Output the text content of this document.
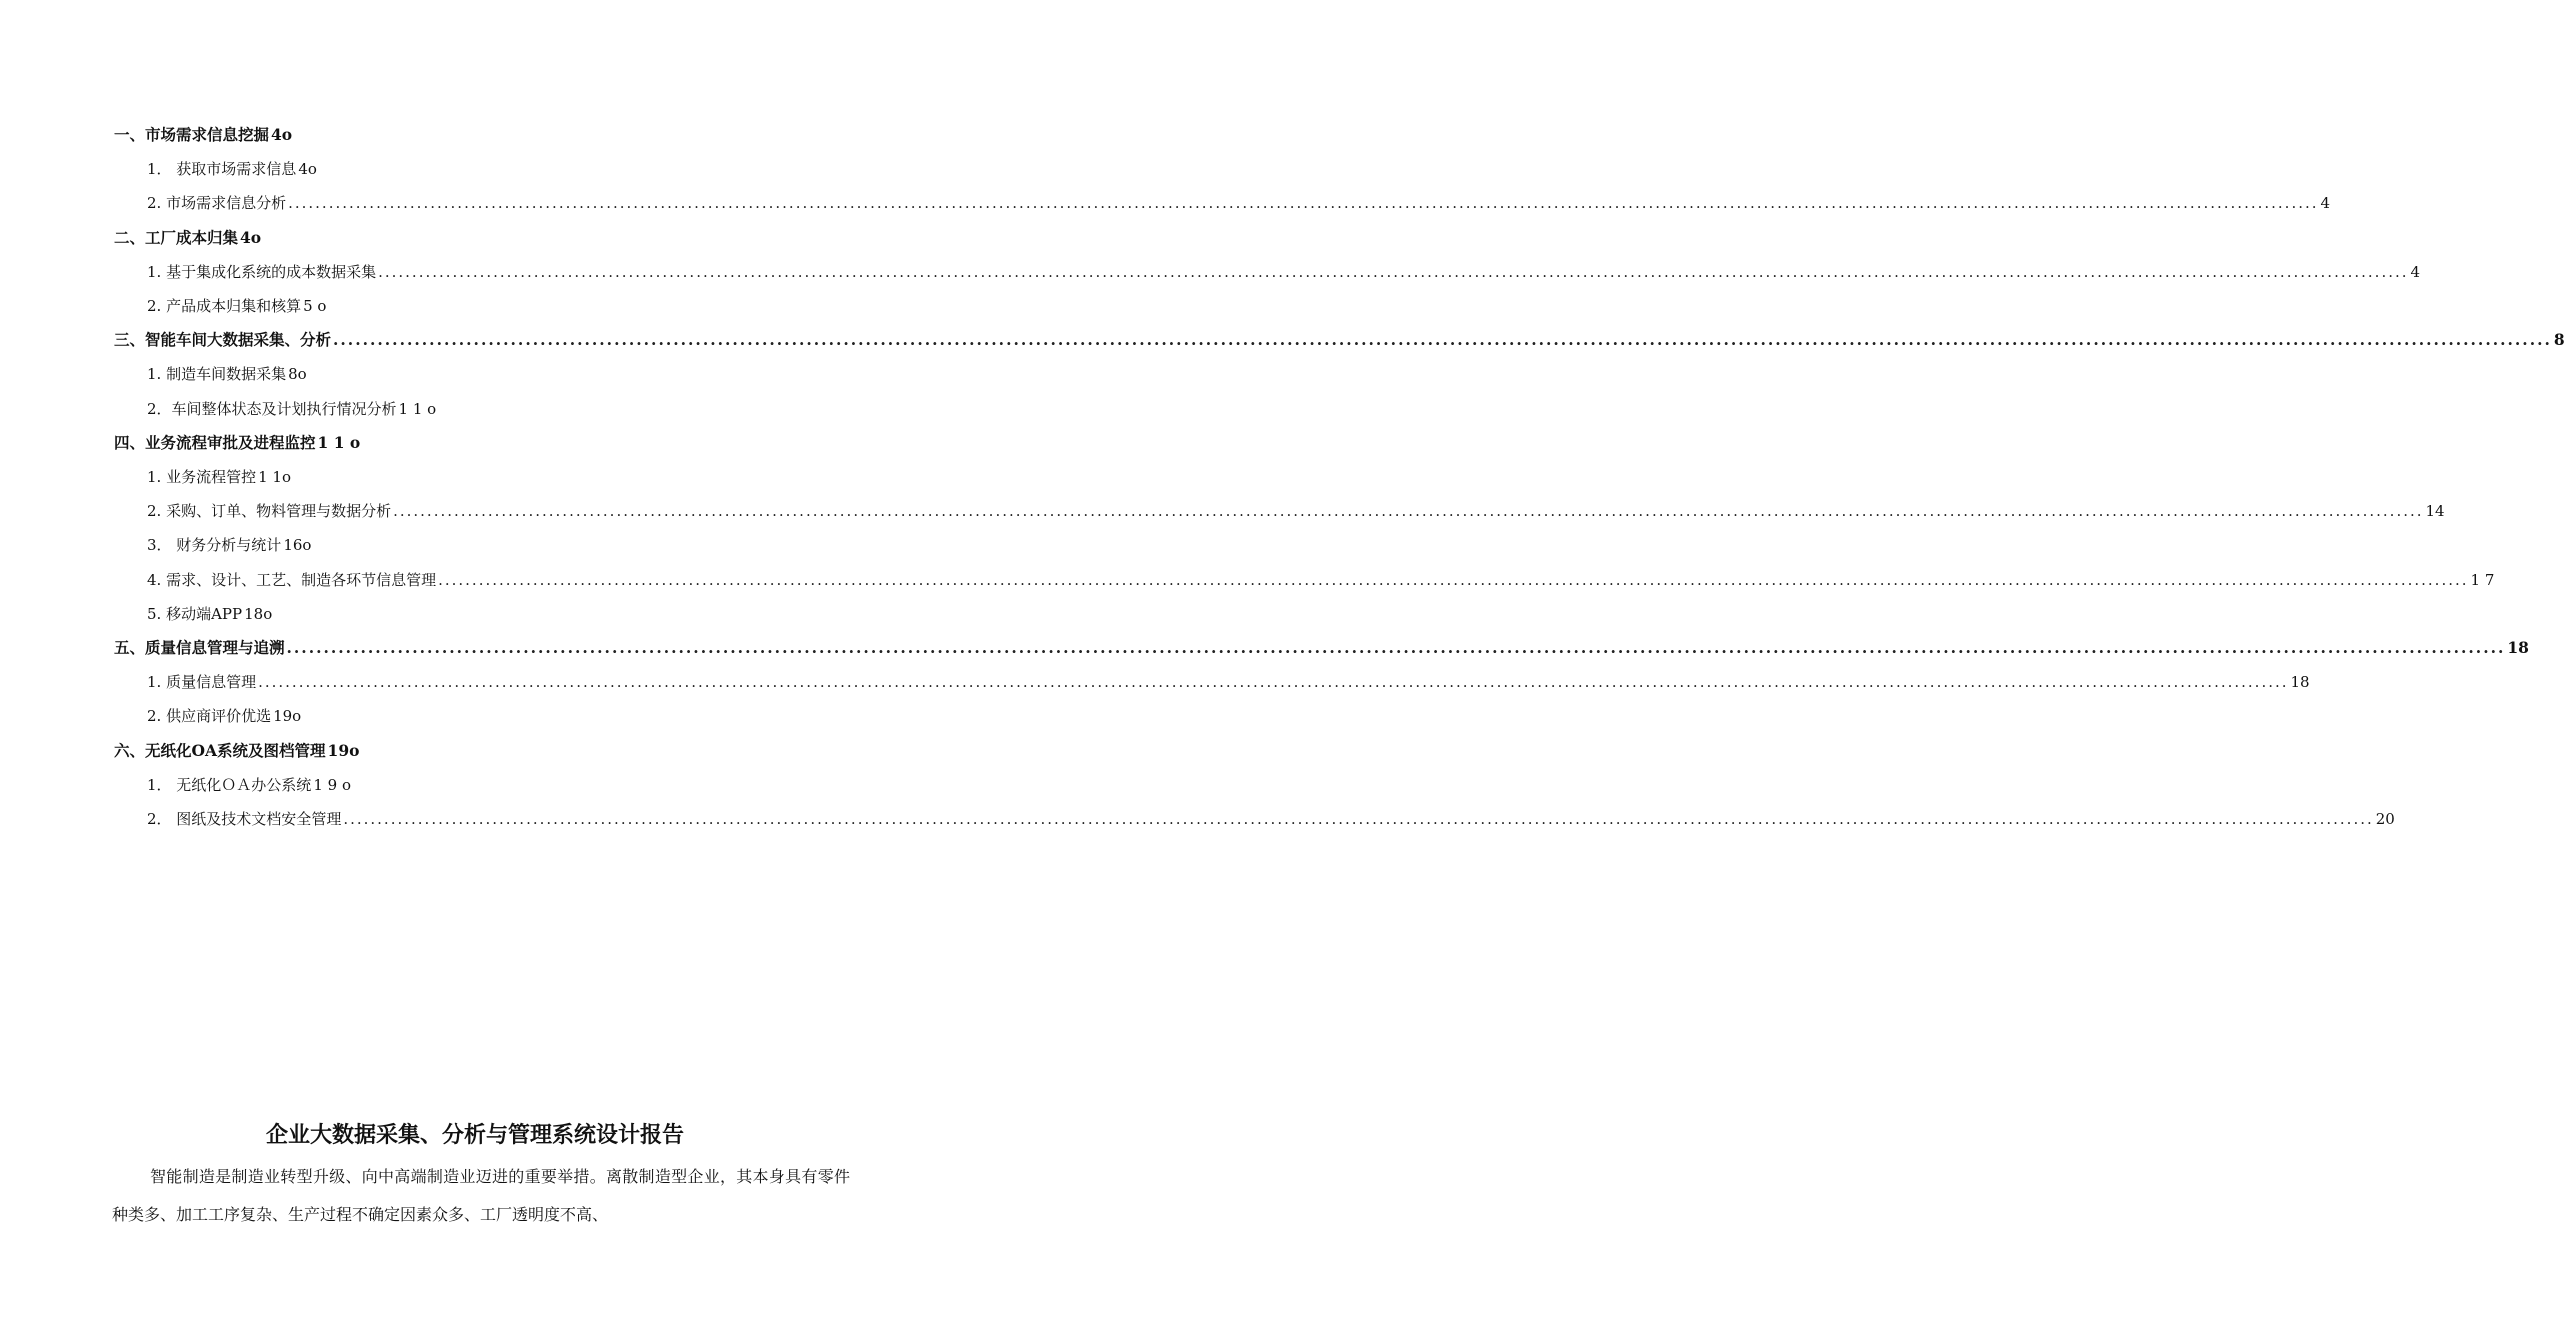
一、市场需求信息挖掘 4o
1． 获取市场需求信息 4o
2. 市场需求信息分析 ............................................................................................................................................................................................................................................................................................................ 4
二、工厂成本归集 4o
1. 基于集成化系统的成本数据采集 ............................................................................................................................................................................................................................................................................................................ 4
2. 产品成本归集和核算 5 o
三、智能车间大数据采集、分析 ............................................................................................................................................................................................................................................................................................................ 8
1. 制造车间数据采集 8o
2．车间整体状态及计划执行情况分析 1 1 o
四、业务流程审批及进程监控 1 1 o
1. 业务流程管控 1 1o
2. 采购、订单、物料管理与数据分析 ............................................................................................................................................................................................................................................................................................................ 14
3． 财务分析与统计 16o
4. 需求、设计、工艺、制造各环节信息管理 ............................................................................................................................................................................................................................................................................................................ 1 7
5. 移动端APP 18o
五、质量信息管理与追溯 ............................................................................................................................................................................................................................................................................................................ 18
1. 质量信息管理 ............................................................................................................................................................................................................................................................................................................ 18
2. 供应商评价优选 19o
六、无纸化OA系统及图档管理 19o
1． 无纸化ＯＡ办公系统 1 9 o
2． 图纸及技术文档安全管理 ............................................................................................................................................................................................................................................................................................................ 20
企业大数据采集、分析与管理系统设计报告
智能制造是制造业转型升级、向中高端制造业迈进的重要举措。离散制造型企业，其本身具有零件种类多、加工工序复杂、生产过程不确定因素众多、工厂透明度不高、
